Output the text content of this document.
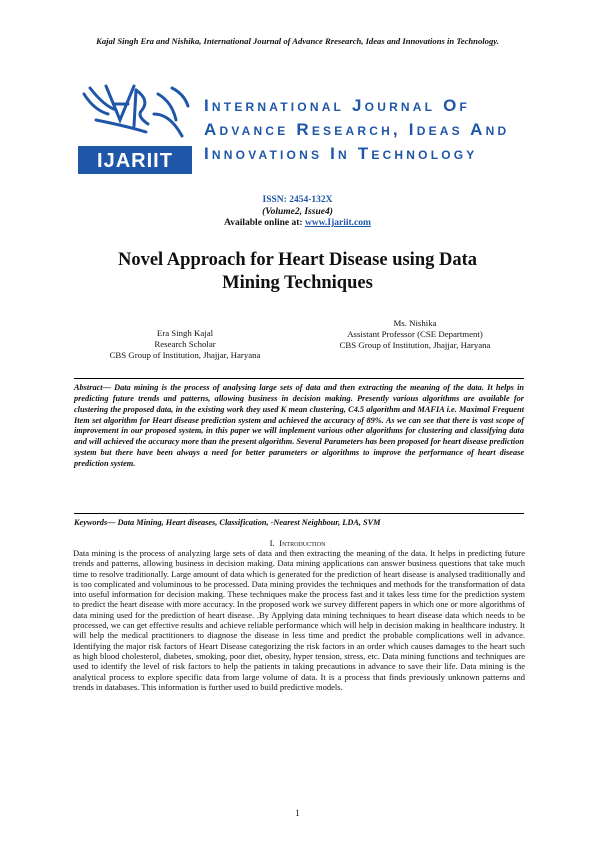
Kajal Singh Era and Nishika, International Journal of Advance Rresearch, Ideas and Innovations in Technology.
IJARIIT
International Journal Of
Advance Research, Ideas And
Innovations In Technology
ISSN: 2454-132X
(Volume2, Issue4)
Available online at: www.Ijariit.com
Novel Approach for Heart Disease using Data
Mining Techniques
Era Singh Kajal
Research Scholar
CBS Group of Institution, Jhajjar, Haryana
Ms. Nishika
Assistant Professor (CSE Department)
CBS Group of Institution, Jhajjar, Haryana
Abstract— Data mining is the process of analysing large sets of data and then extracting the meaning of the data. It helps in predicting future trends and patterns, allowing business in decision making. Presently various algorithms are available for clustering the proposed data, in the existing work they used K mean clustering, C4.5 algorithm and MAFIA i.e. Maximal Frequent Item set algorithm for Heart disease prediction system and achieved the accuracy of 89%. As we can see that there is vast scope of improvement in our proposed system, in this paper we will implement various other algorithms for clustering and classifying data and will achieved the accuracy more than the present algorithm. Several Parameters has been proposed for heart disease prediction system but there have been always a need for better parameters or algorithms to improve the performance of heart disease prediction system.
Keywords— Data Mining, Heart diseases, Classification, -Nearest Neighbour, LDA, SVM
I. Introduction
Data mining is the process of analyzing large sets of data and then extracting the meaning of the data. It helps in predicting future trends and patterns, allowing business in decision making. Data mining applications can answer business questions that take much time to resolve traditionally. Large amount of data which is generated for the prediction of heart disease is analysed traditionally and is too complicated and voluminous to be processed. Data mining provides the techniques and methods for the transformation of data into useful information for decision making. These techniques make the process fast and it takes less time for the prediction system to predict the heart disease with more accuracy. In the proposed work we survey different papers in which one or more algorithms of data mining used for the prediction of heart disease. .By Applying data mining techniques to heart disease data which needs to be processed, we can get effective results and achieve reliable performance which will help in decision making in healthcare industry. It will help the medical practitioners to diagnose the disease in less time and predict the probable complications well in advance. Identifying the major risk factors of Heart Disease categorizing the risk factors in an order which causes damages to the heart such as high blood cholesterol, diabetes, smoking, poor diet, obesity, hyper tension, stress, etc. Data mining functions and techniques are used to identify the level of risk factors to help the patients in taking precautions in advance to save their life. Data mining is the analytical process to explore specific data from large volume of data. It is a process that finds previously unknown patterns and trends in databases. This information is further used to build predictive models.
1
